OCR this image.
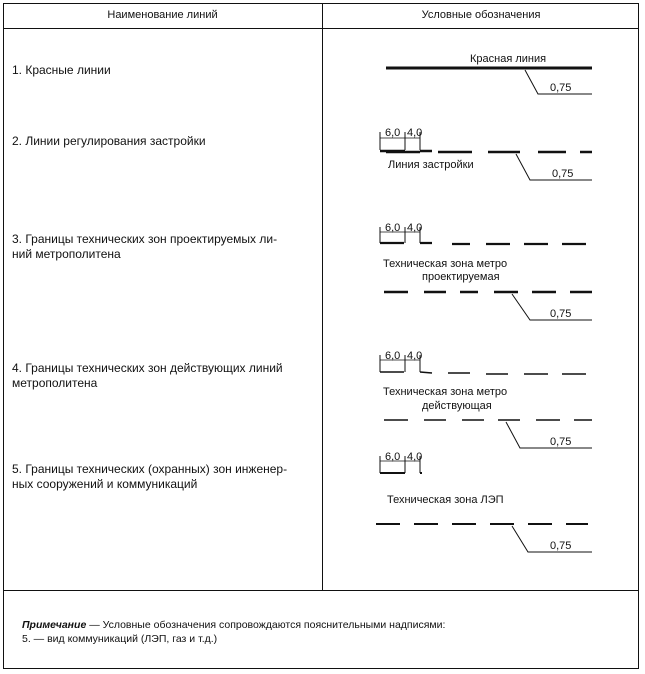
Наименование линий	Условные обозначения
1. Красные линии
2. Линии регулирования застройки
3. Границы технических зон проектируемых ли-
ний метрополитена
4. Границы технических зон действующих линий
метрополитена
5. Границы технических (охранных) зон инженер-
ных сооружений и коммуникаций
Красная линия
0,75
6,0 4,0
Линия застройки
0,75
6,0 4,0
Техническая зона метро
проектируемая
0,75
6,0 4,0
Техническая зона метро
действующая
0,75
6,0 4,0
Техническая зона ЛЭП
0,75
Примечание — Условные обозначения сопровождаются пояснительными надписями:
5. — вид коммуникаций (ЛЭП, газ и т.д.)
